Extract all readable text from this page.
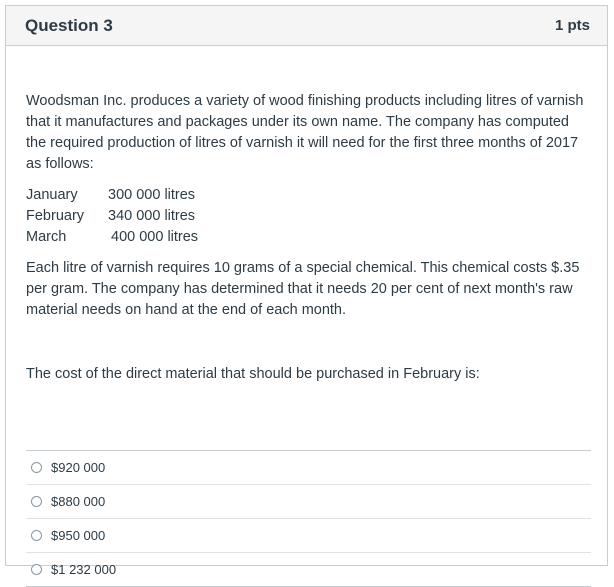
Question 3	1 pts

Woodsman Inc. produces a variety of wood finishing products including litres of varnish that it manufactures and packages under its own name. The company has computed the required production of litres of varnish it will need for the first three months of 2017 as follows:

January	300 000 litres
February	340 000 litres
March	400 000 litres

Each litre of varnish requires 10 grams of a special chemical. This chemical costs $.35 per gram. The company has determined that it needs 20 per cent of next month's raw material needs on hand at the end of each month.

The cost of the direct material that should be purchased in February is:

$920 000
$880 000
$950 000
$1 232 000
